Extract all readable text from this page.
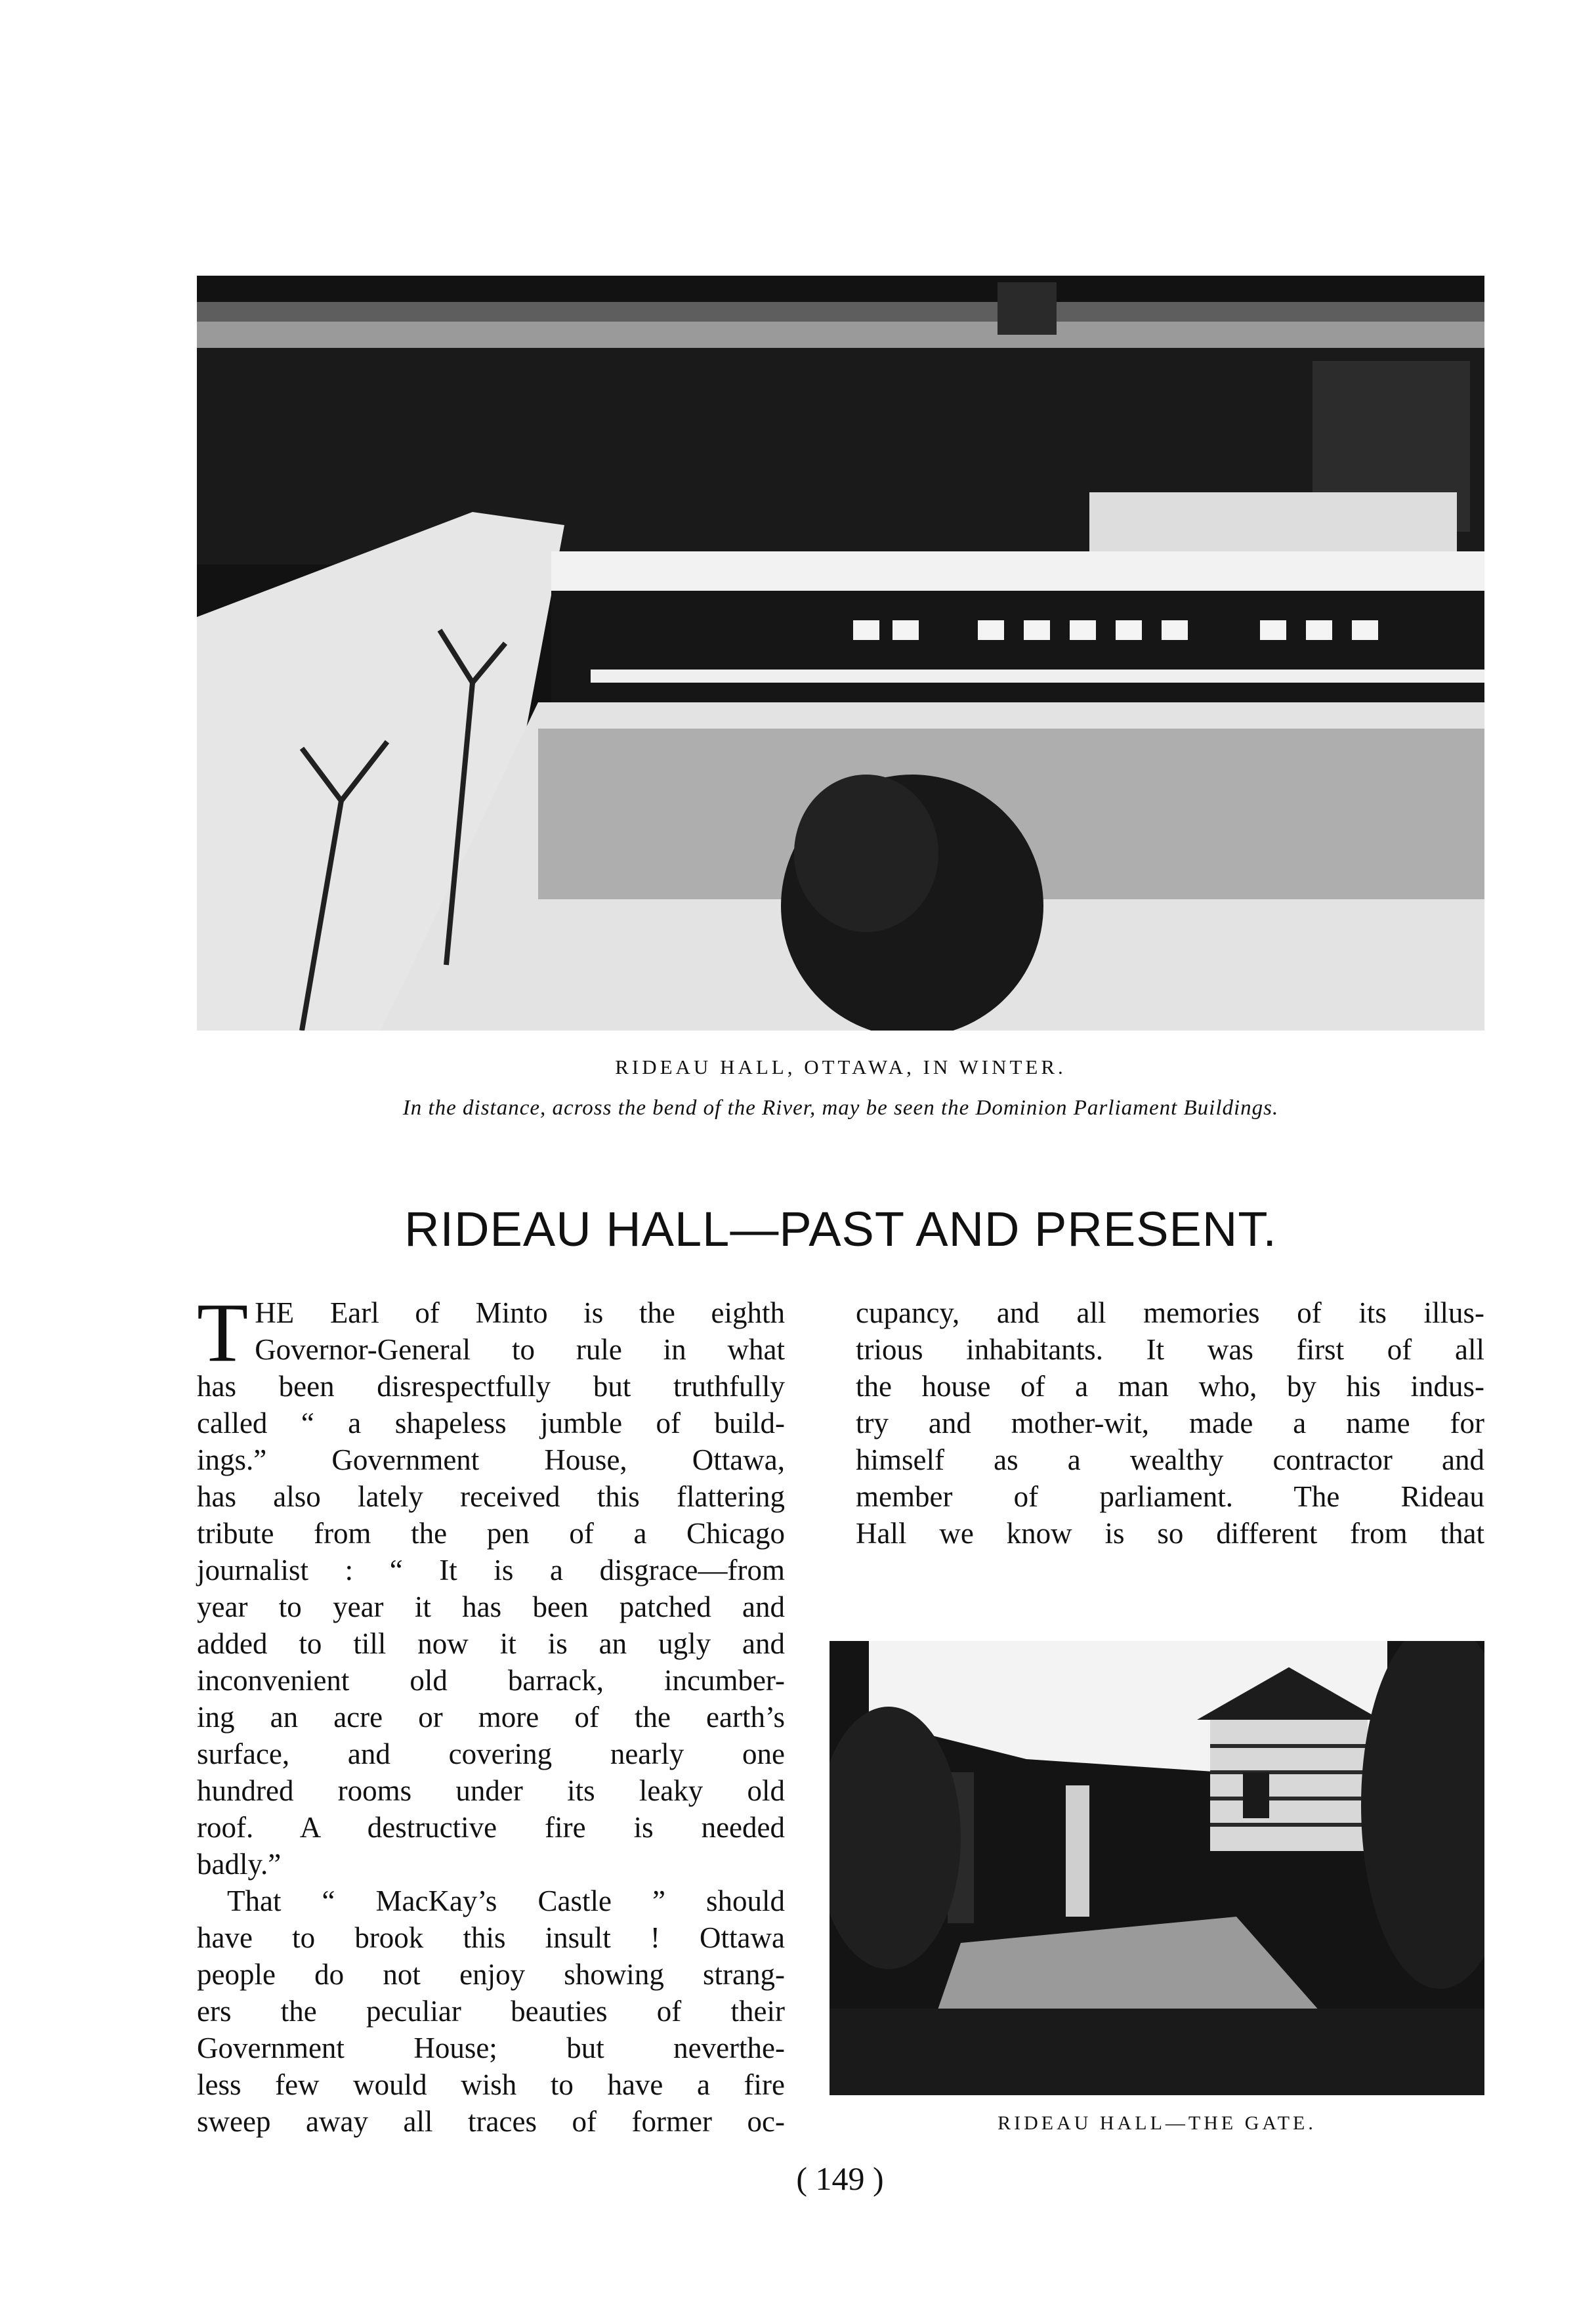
RIDEAU HALL, OTTAWA, IN WINTER.
In the distance, across the bend of the River, may be seen the Dominion Parliament Buildings.
RIDEAU HALL—PAST AND PRESENT.
T HE Earl of Minto is the eighth
Governor-General to rule in what
has been disrespectfully but truthfully
called “ a shapeless jumble of build-
ings.” Government House, Ottawa,
has also lately received this flattering
tribute from the pen of a Chicago
journalist : “ It is a disgrace—from
year to year it has been patched and
added to till now it is an ugly and
inconvenient old barrack, incumber-
ing an acre or more of the earth’s
surface, and covering nearly one
hundred rooms under its leaky old
roof. A destructive fire is needed
badly.”
That “ MacKay’s Castle ” should
have to brook this insult ! Ottawa
people do not enjoy showing strang-
ers the peculiar beauties of their
Government House; but neverthe-
less few would wish to have a fire
sweep away all traces of former oc-
cupancy, and all memories of its illus-
trious inhabitants. It was first of all
the house of a man who, by his indus-
try and mother-wit, made a name for
himself as a wealthy contractor and
member of parliament. The Rideau
Hall we know is so different from that
RIDEAU HALL—THE GATE.
( 149 )
